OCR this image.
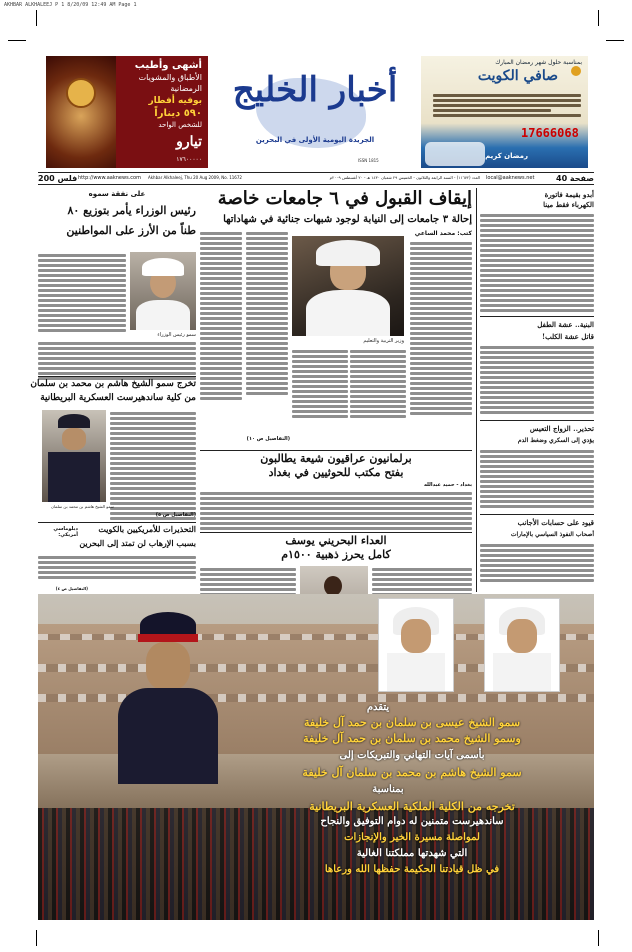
AKHBAR ALKHALEEJ P 1 8/20/09 12:49 AM Page 1
أشهى وأطيب
الأطباق والمشويات
الرمضانية
بوفيه أفطار
٥٩٠ ديناراً
للشخص الواحد
تيارو
١٧٦٠٠٠٠٠
أخبار الخليج
الجريدة اليومية الأولى في البحرين
ISSN 1815
بمناسبة حلول شهر رمضان المبارك
صافي الكويت
17666068
رمضان كريم
200 فلس http://www.aaknews.com Akhbar Alkhaleej, Thu 20 Aug 2009, No. 11672	العدد (١١٦٧٢) - السنة الرابعة والثلاثون - الخميس ٢٩ شعبان ١٤٣٠ هـ - ٢٠ أغسطس ٢٠٠٩م local@aaknews.net	40 صفحة
إيقاف القبول في ٦ جامعات خاصة
إحالة ٣ جامعات إلى النيابة لوجود شبهات جنائية في شهاداتها
كتب: محمد الساعي
وزير التربية والتعليم
(التفاصيل ص ١٠)
برلمانيون عراقيون شيعة يطالبون
بفتح مكتب للحوثيين في بغداد
بغداد - حميد عبدالله
العداء البحريني يوسف
كامل يحرز ذهبية ١٥٠٠م
على نفقة سموه
رئيس الوزراء يأمر بتوزيع ٨٠
طناً من الأرز على المواطنين
سمو رئيس الوزراء
تخرج سمو الشيخ هاشم بن محمد بن سلمان
من كلية ساندهيرست العسكرية البريطانية
سمو الشيخ هاشم بن محمد بن سلمان
(التفاصيل ص ٥)
دبلوماسي أمريكي:
التحذيرات للأمريكيين بالكويت
بسبب الإرهاب لن تمتد إلى البحرين
(التفاصيل ص ٤)
أبدو بقيمة فاتورة
الكهرباء فقط مينا
البنية.. عشة الطفل
قاتل عشة الكلب!
تحذير.. الزواج التعيس
يؤدي إلى السكري وضغط الدم
قيود على حسابات الأجانب
أصحاب النفوذ السياسي بالإمارات
يتقدم
سمو الشيخ عيسى بن سلمان بن حمد آل خليفة
وسمو الشيخ محمد بن سلمان بن حمد آل خليفة
بأسمى آيات التهاني والتبريكات إلى
سمو الشيخ هاشم بن محمد بن سلمان آل خليفة
بمناسبة
تخرجه من الكلية الملكية العسكرية البريطانية
ساندهيرست متمنين له دوام التوفيق والنجاح
لمواصلة مسيرة الخير والإنجازات
التي شهدتها مملكتنا الغالية
في ظل قيادتنا الحكيمة حفظها الله ورعاها
